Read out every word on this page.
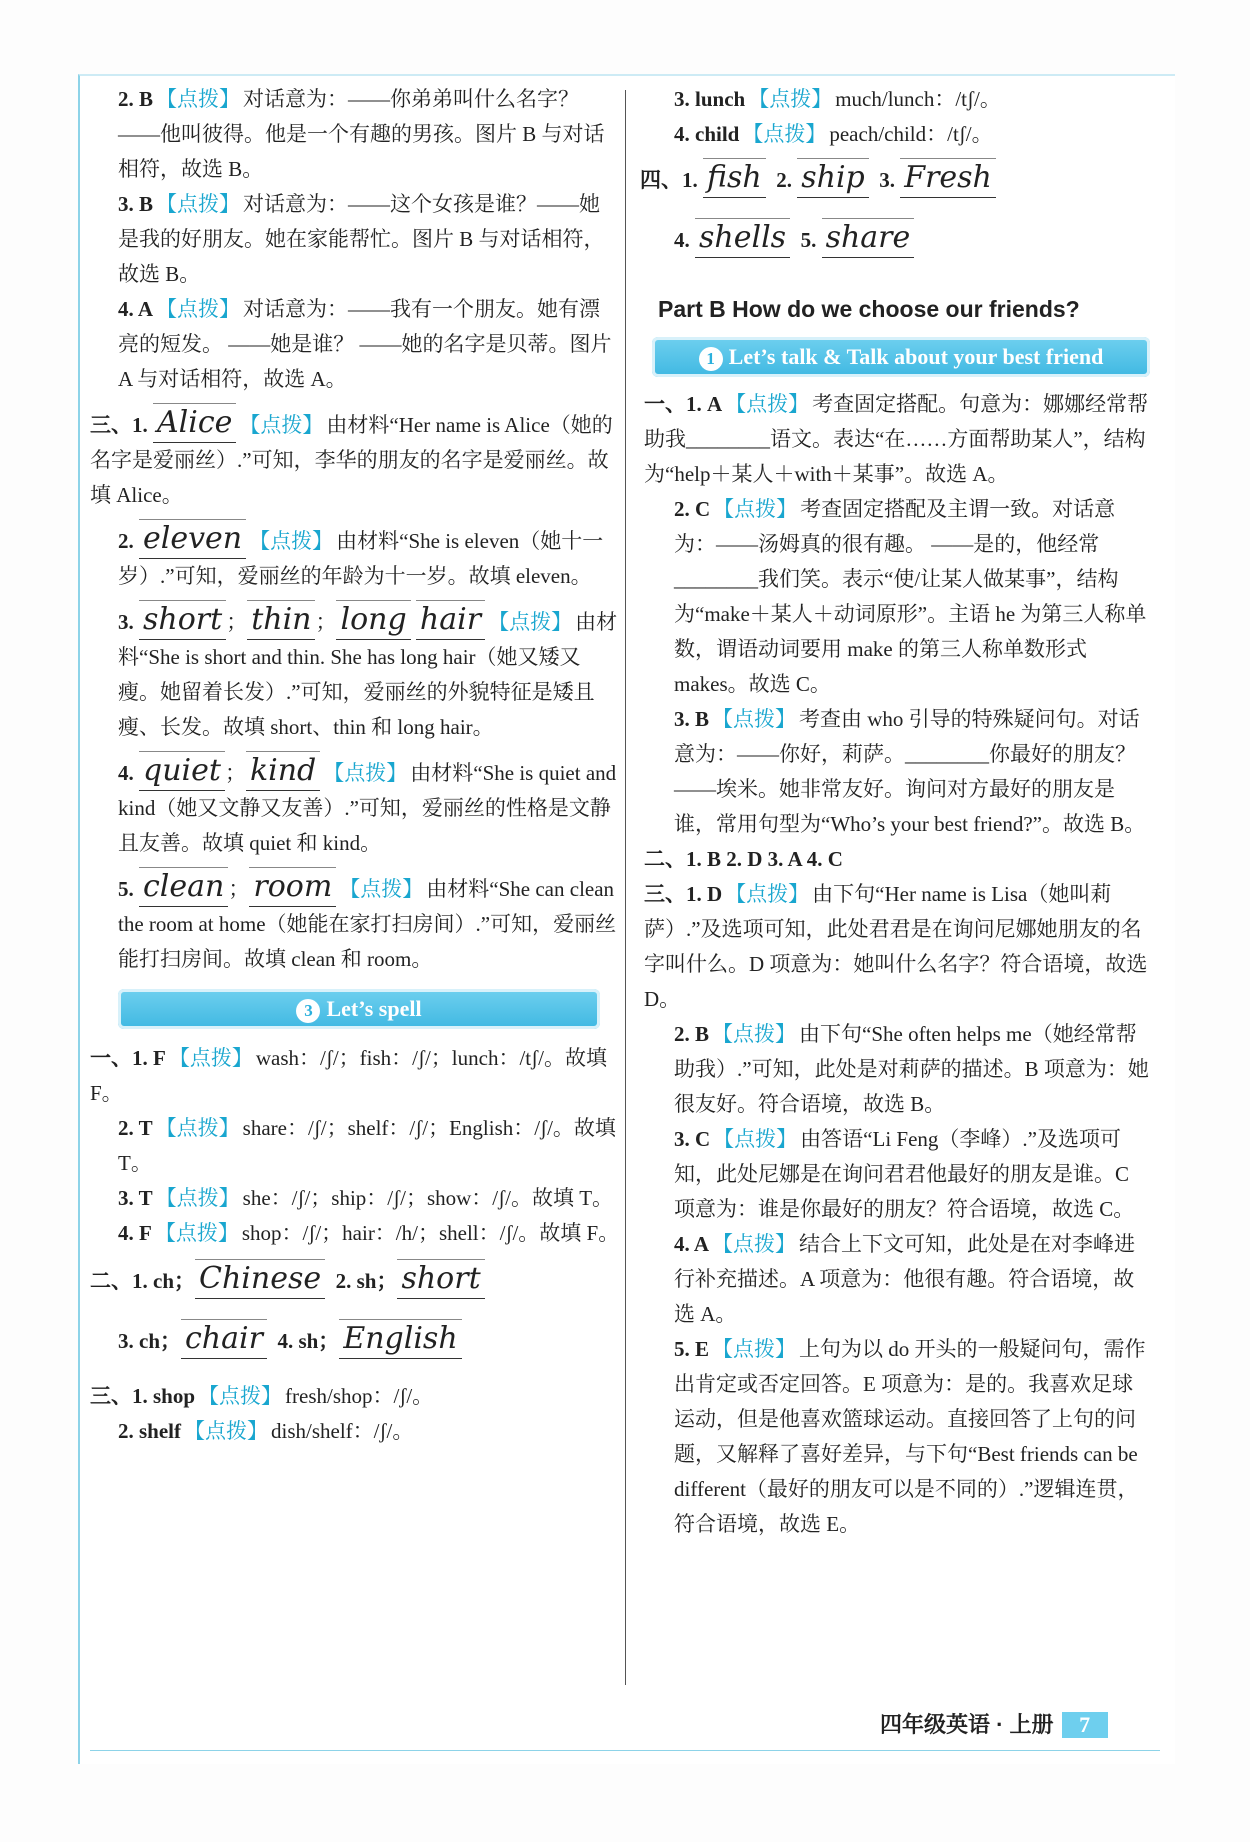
2. B 【点拨】 对话意为：——你弟弟叫什么名字？ ——他叫彼得。他是一个有趣的男孩。图片 B 与对话相符，故选 B。
3. B 【点拨】 对话意为：——这个女孩是谁？——她是我的好朋友。她在家能帮忙。图片 B 与对话相符，故选 B。
4. A 【点拨】 对话意为：——我有一个朋友。她有漂亮的短发。 ——她是谁？ ——她的名字是贝蒂。图片 A 与对话相符，故选 A。
三、1. Alice 【点拨】 由材料“Her name is Alice（她的名字是爱丽丝）.”可知，李华的朋友的名字是爱丽丝。故填 Alice。
2. eleven 【点拨】 由材料“She is eleven（她十一岁）.”可知，爱丽丝的年龄为十一岁。故填 eleven。
3. short ； thin ； long hair 【点拨】 由材料“She is short and thin. She has long hair（她又矮又瘦。她留着长发）.”可知，爱丽丝的外貌特征是矮且瘦、长发。故填 short、thin 和 long hair。
4. quiet ； kind 【点拨】 由材料“She is quiet and kind（她又文静又友善）.”可知，爱丽丝的性格是文静且友善。故填 quiet 和 kind。
5. clean ； room 【点拨】 由材料“She can clean the room at home（她能在家打扫房间）.”可知，爱丽丝能打扫房间。故填 clean 和 room。
3 Let’s spell
一、1. F 【点拨】 wash：/ʃ/；fish：/ʃ/；lunch：/tʃ/。故填 F。
2. T 【点拨】 share：/ʃ/；shelf：/ʃ/；English：/ʃ/。故填 T。
3. T 【点拨】 she：/ʃ/；ship：/ʃ/；show：/ʃ/。故填 T。
4. F 【点拨】 shop：/ʃ/；hair：/h/；shell：/ʃ/。故填 F。
二、1. ch； Chinese 2. sh； short
3. ch； chair 4. sh； English
三、1. shop 【点拨】 fresh/shop：/ʃ/。
2. shelf 【点拨】 dish/shelf：/ʃ/。
3. lunch 【点拨】 much/lunch：/tʃ/。
4. child 【点拨】 peach/child：/tʃ/。
四、1. fish 2. ship 3. Fresh
4. shells 5. share
Part B How do we choose our friends?
1 Let’s talk & Talk about your best friend
一、1. A 【点拨】 考查固定搭配。句意为：娜娜经常帮助我________语文。表达“在……方面帮助某人”，结构为“help＋某人＋with＋某事”。故选 A。
2. C 【点拨】 考查固定搭配及主谓一致。对话意为：——汤姆真的很有趣。 ——是的，他经常________我们笑。表示“使/让某人做某事”，结构为“make＋某人＋动词原形”。主语 he 为第三人称单数，谓语动词要用 make 的第三人称单数形式 makes。故选 C。
3. B 【点拨】 考查由 who 引导的特殊疑问句。对话意为：——你好，莉萨。________你最好的朋友？ ——埃米。她非常友好。询问对方最好的朋友是谁，常用句型为“Who’s your best friend?”。故选 B。
二、1. B 2. D 3. A 4. C
三、1. D 【点拨】 由下句“Her name is Lisa（她叫莉萨）.”及选项可知，此处君君是在询问尼娜她朋友的名字叫什么。D 项意为：她叫什么名字？符合语境，故选 D。
2. B 【点拨】 由下句“She often helps me（她经常帮助我）.”可知，此处是对莉萨的描述。B 项意为：她很友好。符合语境，故选 B。
3. C 【点拨】 由答语“Li Feng（李峰）.”及选项可知，此处尼娜是在询问君君他最好的朋友是谁。C 项意为：谁是你最好的朋友？符合语境，故选 C。
4. A 【点拨】 结合上下文可知，此处是在对李峰进行补充描述。A 项意为：他很有趣。符合语境，故选 A。
5. E 【点拨】 上句为以 do 开头的一般疑问句，需作出肯定或否定回答。E 项意为：是的。我喜欢足球运动，但是他喜欢篮球运动。直接回答了上句的问题，又解释了喜好差异，与下句“Best friends can be different（最好的朋友可以是不同的）.”逻辑连贯，符合语境，故选 E。
四年级英语 · 上册 7
